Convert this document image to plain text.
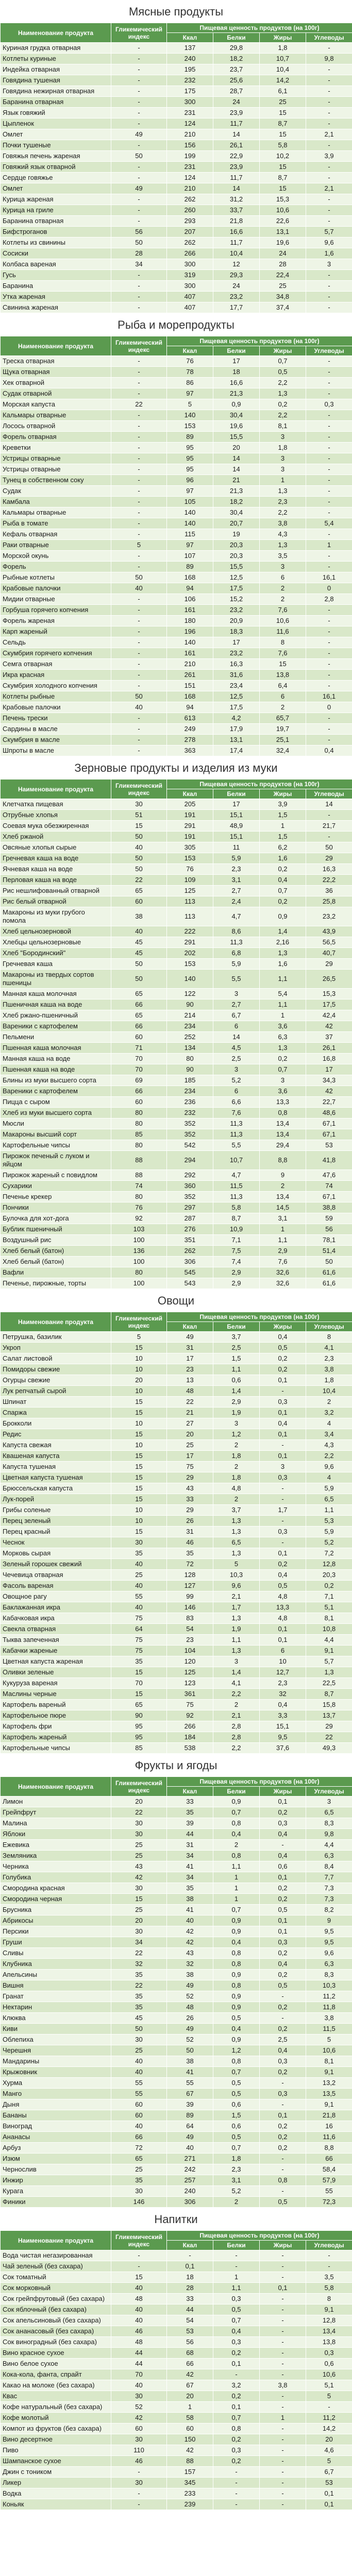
Мясные продукты
Наименование продукта	Гликемический индекс	Пищевая ценность продуктов (на 100г)			
		Ккал	Белки	Жиры	Углеводы
Куриная грудка отварная	-	137	29,8	1,8	-
Котлеты куриные	-	240	18,2	10,7	9,8
Индейка отварная	-	195	23,7	10,4	-
Говядина тушеная	-	232	25,6	14,2	-
Говядина нежирная отварная	-	175	28,7	6,1	-
Баранина отварная	-	300	24	25	-
Язык говяжий	-	231	23,9	15	-
Цыпленок	-	124	11,7	8,7	-
Омлет	49	210	14	15	2,1
Почки тушеные	-	156	26,1	5,8	-
Говяжья печень жареная	50	199	22,9	10,2	3,9
Говяжий язык отварной	-	231	23,9	15	-
Сердце говяжье	-	124	11,7	8,7	-
Омлет	49	210	14	15	2,1
Курица жареная	-	262	31,2	15,3	-
Курица на гриле	-	260	33,7	10,6	-
Баранина отварная	-	293	21,8	22,6	-
Бифстроганов	56	207	16,6	13,1	5,7
Котлеты из свинины	50	262	11,7	19,6	9,6
Сосиски	28	266	10,4	24	1,6
Колбаса вареная	34	300	12	28	3
Гусь	-	319	29,3	22,4	-
Баранина	-	300	24	25	-
Утка жареная	-	407	23,2	34,8	-
Свинина жареная	-	407	17,7	37,4	-
Рыба и морепродукты
Наименование продукта	Гликемический индекс	Пищевая ценность продуктов (на 100г)			
		Ккал	Белки	Жиры	Углеводы
Треска отварная	-	76	17	0,7	-
Щука отварная	-	78	18	0,5	-
Хек отварной	-	86	16,6	2,2	-
Судак отварной	-	97	21,3	1,3	-
Морская капуста	22	5	0,9	0,2	0,3
Кальмары отварные	-	140	30,4	2,2	-
Лосось отварной	-	153	19,6	8,1	-
Форель отварная	-	89	15,5	3	-
Креветки	-	95	20	1,8	-
Устрицы отварные	-	95	14	3	-
Устрицы отварные	-	95	14	3	-
Тунец в собственном соку	-	96	21	1	-
Судак	-	97	21,3	1,3	-
Камбала	-	105	18,2	2,3	-
Кальмары отварные	-	140	30,4	2,2	-
Рыба в томате	-	140	20,7	3,8	5,4
Кефаль отварная	-	115	19	4,3	-
Раки отварные	5	97	20,3	1,3	1
Морской окунь	-	107	20,3	3,5	-
Форель	-	89	15,5	3	-
Рыбные котлеты	50	168	12,5	6	16,1
Крабовые палочки	40	94	17,5	2	0
Мидии отварные	-	106	15,2	2	2,8
Горбуша горячего копчения	-	161	23,2	7,6	-
Форель жареная	-	180	20,9	10,6	-
Карп жареный	-	196	18,3	11,6	-
Сельдь	-	140	17	8	-
Скумбрия горячего копчения	-	161	23,2	7,6	-
Семга отварная	-	210	16,3	15	-
Икра красная	-	261	31,6	13,8	-
Скумбрия холодного копчения	-	151	23,4	6,4	-
Котлеты рыбные	50	168	12,5	6	16,1
Крабовые палочки	40	94	17,5	2	0
Печень трески	-	613	4,2	65,7	-
Сардины в масле	-	249	17,9	19,7	-
Скумбрия в масле	-	278	13,1	25,1	-
Шпроты в масле	-	363	17,4	32,4	0,4
Зерновые продукты и изделия из муки
Наименование продукта	Гликемический индекс	Пищевая ценность продуктов (на 100г)			
		Ккал	Белки	Жиры	Углеводы
Клетчатка пищевая	30	205	17	3,9	14
Отрубные хлопья	51	191	15,1	1,5	-
Соевая мука обезжиренная	15	291	48,9	1	21,7
Хлеб ржаной	50	191	15,1	1,5	-
Овсяные хлопья сырые	40	305	11	6,2	50
Гречневая каша на воде	50	153	5,9	1,6	29
Ячневая каша на воде	50	76	2,3	0,2	16,3
Перловая каша на воде	22	109	3,1	0,4	22,2
Рис нешлифованный отварной	65	125	2,7	0,7	36
Рис белый отварной	60	113	2,4	0,2	25,8
Макароны из муки грубого помола	38	113	4,7	0,9	23,2
Хлеб цельнозерновой	40	222	8,6	1,4	43,9
Хлебцы цельнозерновые	45	291	11,3	2,16	56,5
Хлеб "Бородинский"	45	202	6,8	1,3	40,7
Гречневая каша	50	153	5,9	1,6	29
Макароны из твердых сортов пшеницы	50	140	5,5	1,1	26,5
Манная каша молочная	65	122	3	5,4	15,3
Пшеничная каша на воде	66	90	2,7	1,1	17,5
Хлеб ржано-пшеничный	65	214	6,7	1	42,4
Вареники с картофелем	66	234	6	3,6	42
Пельмени	60	252	14	6,3	37
Пшенная каша молочная	71	134	4,5	1,3	26,1
Манная каша на воде	70	80	2,5	0,2	16,8
Пшенная каша на воде	70	90	3	0,7	17
Блины из муки высшего сорта	69	185	5,2	3	34,3
Вареники с картофелем	66	234	6	3,6	42
Пицца с сыром	60	236	6,6	13,3	22,7
Хлеб из муки высшего сорта	80	232	7,6	0,8	48,6
Мюсли	80	352	11,3	13,4	67,1
Макароны высший сорт	85	352	11,3	13,4	67,1
Картофельные чипсы	80	542	5,5	29,4	53
Пирожок печеный с луком и яйцом	88	294	10,7	8,8	41,8
Пирожок жареный с повидлом	88	292	4,7	9	47,6
Сухарики	74	360	11,5	2	74
Печенье крекер	80	352	11,3	13,4	67,1
Пончики	76	297	5,8	14,5	38,8
Булочка для хот-дога	92	287	8,7	3,1	59
Бублик пшеничный	103	276	10,9	1	56
Воздушный рис	100	351	7,1	1,1	78,1
Хлеб белый (батон)	136	262	7,5	2,9	51,4
Хлеб белый (батон)	100	306	7,4	7,6	50
Вафли	80	545	2,9	32,6	61,6
Печенье, пирожные, торты	100	543	2,9	32,6	61,6
Овощи
Наименование продукта	Гликемический индекс	Пищевая ценность продуктов (на 100г)			
		Ккал	Белки	Жиры	Углеводы
Петрушка, базилик	5	49	3,7	0,4	8
Укроп	15	31	2,5	0,5	4,1
Салат листовой	10	17	1,5	0,2	2,3
Помидоры свежие	10	23	1,1	0,2	3,8
Огурцы свежие	20	13	0,6	0,1	1,8
Лук репчатый сырой	10	48	1,4	-	10,4
Шпинат	15	22	2,9	0,3	2
Спаржа	15	21	1,9	0,1	3,2
Брокколи	10	27	3	0,4	4
Редис	15	20	1,2	0,1	3,4
Капуста свежая	10	25	2	-	4,3
Квашеная капуста	15	17	1,8	0,1	2,2
Капуста тушеная	15	75	2	3	9,6
Цветная капуста тушеная	15	29	1,8	0,3	4
Брюссельская капуста	15	43	4,8	-	5,9
Лук-порей	15	33	2	-	6,5
Грибы соленые	10	29	3,7	1,7	1,1
Перец зеленый	10	26	1,3	-	5,3
Перец красный	15	31	1,3	0,3	5,9
Чеснок	30	46	6,5	-	5,2
Морковь сырая	35	35	1,3	0,1	7,2
Зеленый горошек свежий	40	72	5	0,2	12,8
Чечевица отварная	25	128	10,3	0,4	20,3
Фасоль вареная	40	127	9,6	0,5	0,2
Овощное рагу	55	99	2,1	4,8	7,1
Баклажанная икра	40	146	1,7	13,3	5,1
Кабачковая икра	75	83	1,3	4,8	8,1
Свекла отварная	64	54	1,9	0,1	10,8
Тыква запеченная	75	23	1,1	0,1	4,4
Кабачки жареные	75	104	1,3	6	9,1
Цветная капуста жареная	35	120	3	10	5,7
Оливки зеленые	15	125	1,4	12,7	1,3
Кукуруза вареная	70	123	4,1	2,3	22,5
Маслины черные	15	361	2,2	32	8,7
Картофель вареный	65	75	2	0,4	15,8
Картофельное пюре	90	92	2,1	3,3	13,7
Картофель фри	95	266	2,8	15,1	29
Картофель жареный	95	184	2,8	9,5	22
Картофельные чипсы	85	538	2,2	37,6	49,3
Фрукты и ягоды
Наименование продукта	Гликемический индекс	Пищевая ценность продуктов (на 100г)			
		Ккал	Белки	Жиры	Углеводы
Лимон	20	33	0,9	0,1	3
Грейпфрут	22	35	0,7	0,2	6,5
Малина	30	39	0,8	0,3	8,3
Яблоки	30	44	0,4	0,4	9,8
Ежевика	25	31	2	-	4,4
Земляника	25	34	0,8	0,4	6,3
Черника	43	41	1,1	0,6	8,4
Голубика	42	34	1	0,1	7,7
Смородина красная	30	35	1	0,2	7,3
Смородина черная	15	38	1	0,2	7,3
Брусника	25	41	0,7	0,5	8,2
Абрикосы	20	40	0,9	0,1	9
Персики	30	42	0,9	0,1	9,5
Груши	34	42	0,4	0,3	9,5
Сливы	22	43	0,8	0,2	9,6
Клубника	32	32	0,8	0,4	6,3
Апельсины	35	38	0,9	0,2	8,3
Вишня	22	49	0,8	0,5	10,3
Гранат	35	52	0,9	-	11,2
Нектарин	35	48	0,9	0,2	11,8
Клюква	45	26	0,5	-	3,8
Киви	50	49	0,4	0,2	11,5
Облепиха	30	52	0,9	2,5	5
Черешня	25	50	1,2	0,4	10,6
Мандарины	40	38	0,8	0,3	8,1
Крыжовник	40	41	0,7	0,2	9,1
Хурма	55	55	0,5	-	13,2
Манго	55	67	0,5	0,3	13,5
Дыня	60	39	0,6	-	9,1
Бананы	60	89	1,5	0,1	21,8
Виноград	40	64	0,6	0,2	16
Ананасы	66	49	0,5	0,2	11,6
Арбуз	72	40	0,7	0,2	8,8
Изюм	65	271	1,8	-	66
Чернослив	25	242	2,3	-	58,4
Инжир	35	257	3,1	0,8	57,9
Курага	30	240	5,2	-	55
Финики	146	306	2	0,5	72,3
Напитки
Наименование продукта	Гликемический индекс	Пищевая ценность продуктов (на 100г)			
		Ккал	Белки	Жиры	Углеводы
Вода чистая негазированная	-	-	-	-	-
Чай зеленый (без сахара)	-	0,1	-	-	-
Сок томатный	15	18	1	-	3,5
Сок морковный	40	28	1,1	0,1	5,8
Сок грейпфрутовый (без сахара)	48	33	0,3	-	8
Сок яблочный (без сахара)	40	44	0,5	-	9,1
Сок апельсиновый (без сахара)	40	54	0,7	-	12,8
Сок ананасовый (без сахара)	46	53	0,4	-	13,4
Сок виноградный (без сахара)	48	56	0,3	-	13,8
Вино красное сухое	44	68	0,2	-	0,3
Вино белое сухое	44	66	0,1	-	0,6
Кока-кола, фанта, спрайт	70	42	-	-	10,6
Какао на молоке (без сахара)	40	67	3,2	3,8	5,1
Квас	30	20	0,2	-	5
Кофе натуральный (без сахара)	52	1	0,1	-	-
Кофе молотый	42	58	0,7	1	11,2
Компот из фруктов (без сахара)	60	60	0,8	-	14,2
Вино десертное	30	150	0,2	-	20
Пиво	110	42	0,3	-	4,6
Шампанское сухое	46	88	0,2	-	5
Джин с тоником	-	157	-	-	6,7
Ликер	30	345	-	-	53
Водка	-	233	-	-	0,1
Коньяк	-	239	-	-	0,1
